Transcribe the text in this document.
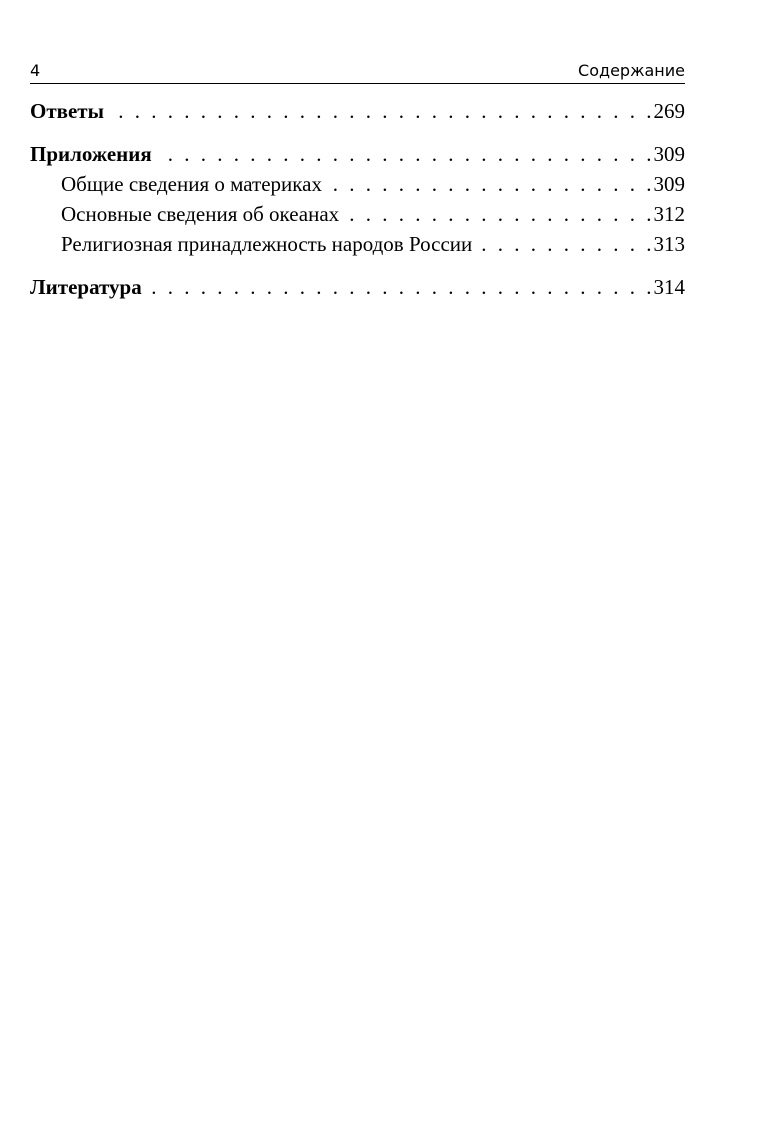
4	Содержание
Ответы . . .	269
Приложения . . .	309
Общие сведения о материках . . .	309
Основные сведения об океанах . . .	312
Религиозная принадлежность народов России . . .	313
Литература . . .	314
